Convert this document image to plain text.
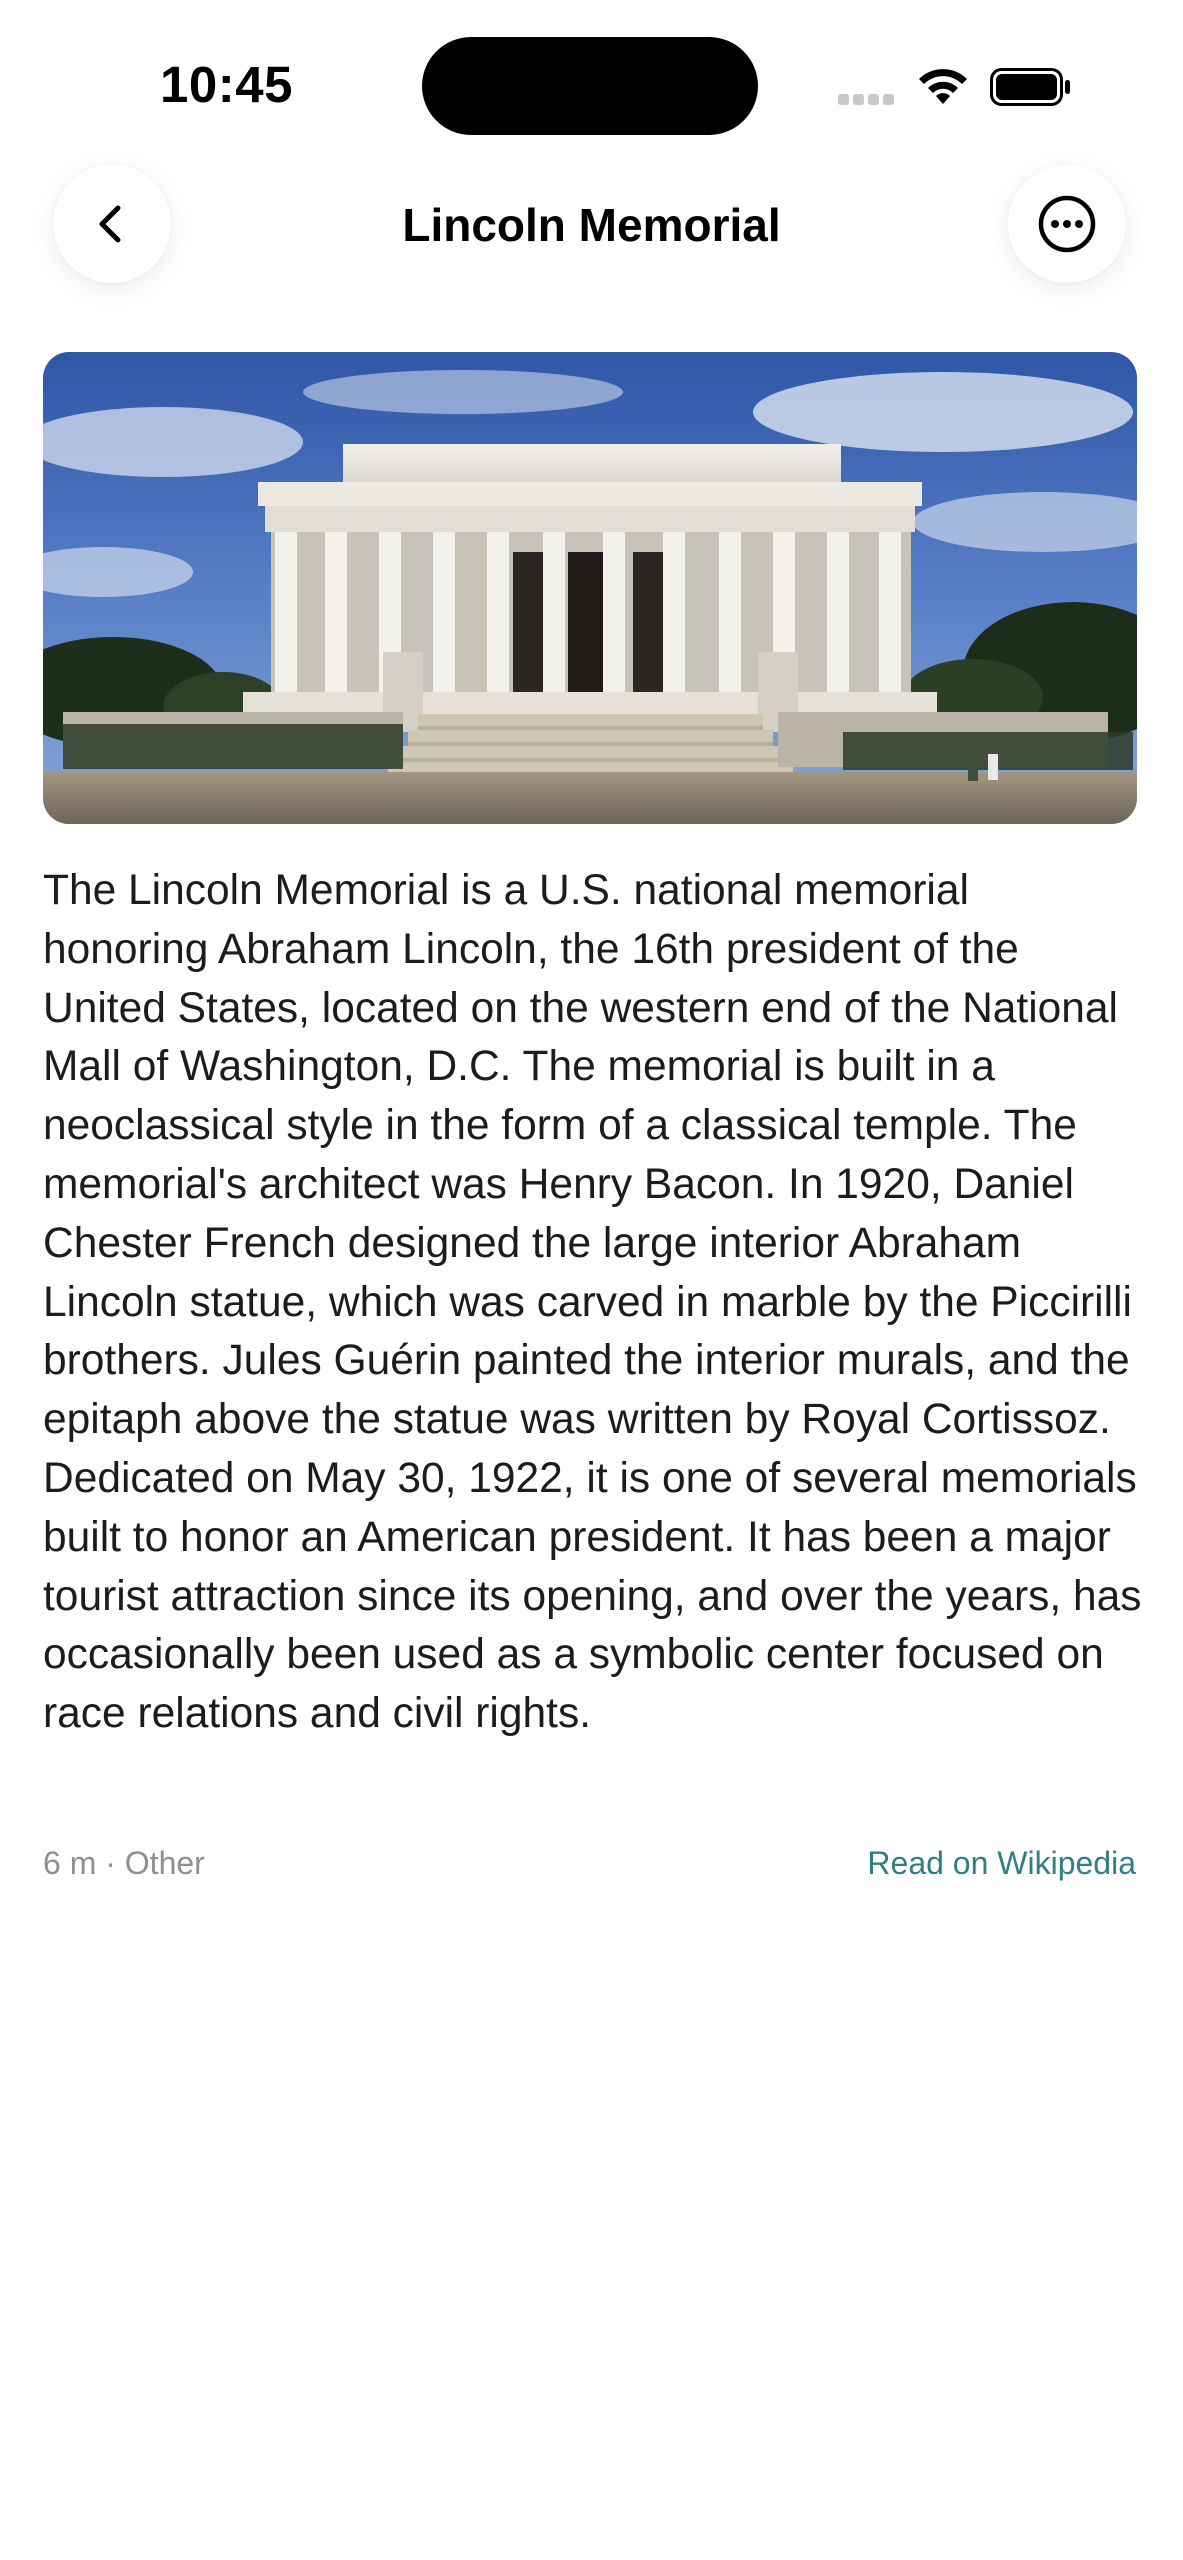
10:45
Lincoln Memorial

The Lincoln Memorial is a U.S. national memorial honoring Abraham Lincoln, the 16th president of the United States, located on the western end of the National Mall of Washington, D.C. The memorial is built in a neoclassical style in the form of a classical temple. The memorial's architect was Henry Bacon. In 1920, Daniel Chester French designed the large interior Abraham Lincoln statue, which was carved in marble by the Piccirilli brothers. Jules Guérin painted the interior murals, and the epitaph above the statue was written by Royal Cortissoz. Dedicated on May 30, 1922, it is one of several memorials built to honor an American president. It has been a major tourist attraction since its opening, and over the years, has occasionally been used as a symbolic center focused on race relations and civil rights.

6 m · Other	Read on Wikipedia
